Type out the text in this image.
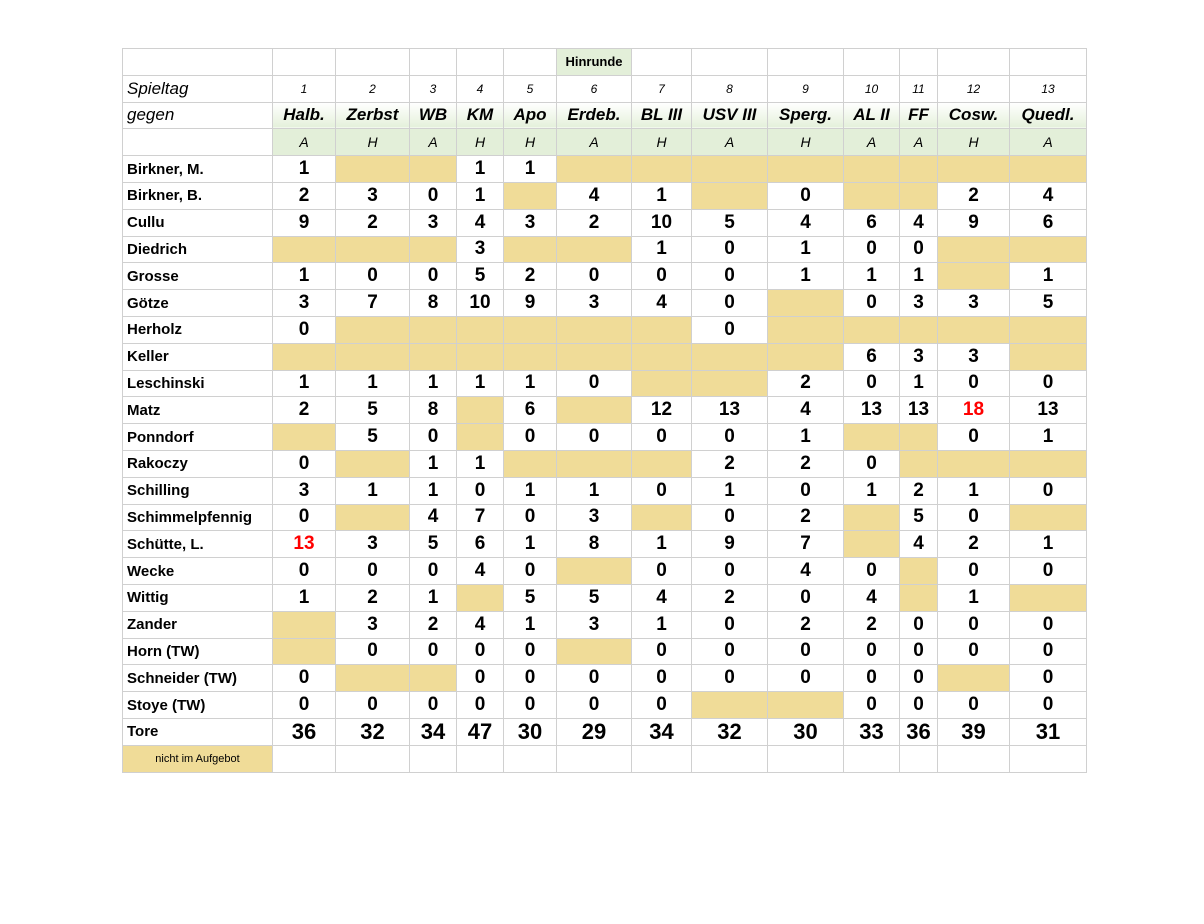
						Hinrunde							
Spieltag	1	2	3	4	5	6	7	8	9	10	11	12	13
gegen	Halb.	Zerbst	WB	KM	Apo	Erdeb.	BL III	USV III	Sperg.	AL II	FF	Cosw.	Quedl.
	A	H	A	H	H	A	H	A	H	A	A	H	A
Birkner, M.	1			1	1								
Birkner, B.	2	3	0	1		4	1		0			2	4
Cullu	9	2	3	4	3	2	10	5	4	6	4	9	6
Diedrich				3			1	0	1	0	0		
Grosse	1	0	0	5	2	0	0	0	1	1	1		1
Götze	3	7	8	10	9	3	4	0		0	3	3	5
Herholz	0							0					
Keller										6	3	3	
Leschinski	1	1	1	1	1	0			2	0	1	0	0
Matz	2	5	8		6		12	13	4	13	13	18	13
Ponndorf		5	0		0	0	0	0	1			0	1
Rakoczy	0		1	1				2	2	0			
Schilling	3	1	1	0	1	1	0	1	0	1	2	1	0
Schimmelpfennig	0		4	7	0	3		0	2		5	0	
Schütte, L.	13	3	5	6	1	8	1	9	7		4	2	1
Wecke	0	0	0	4	0		0	0	4	0		0	0
Wittig	1	2	1		5	5	4	2	0	4		1	
Zander		3	2	4	1	3	1	0	2	2	0	0	0
Horn (TW)		0	0	0	0		0	0	0	0	0	0	0
Schneider (TW)	0			0	0	0	0	0	0	0	0		0
Stoye (TW)	0	0	0	0	0	0	0			0	0	0	0
Tore	36	32	34	47	30	29	34	32	30	33	36	39	31
nicht im Aufgebot													
